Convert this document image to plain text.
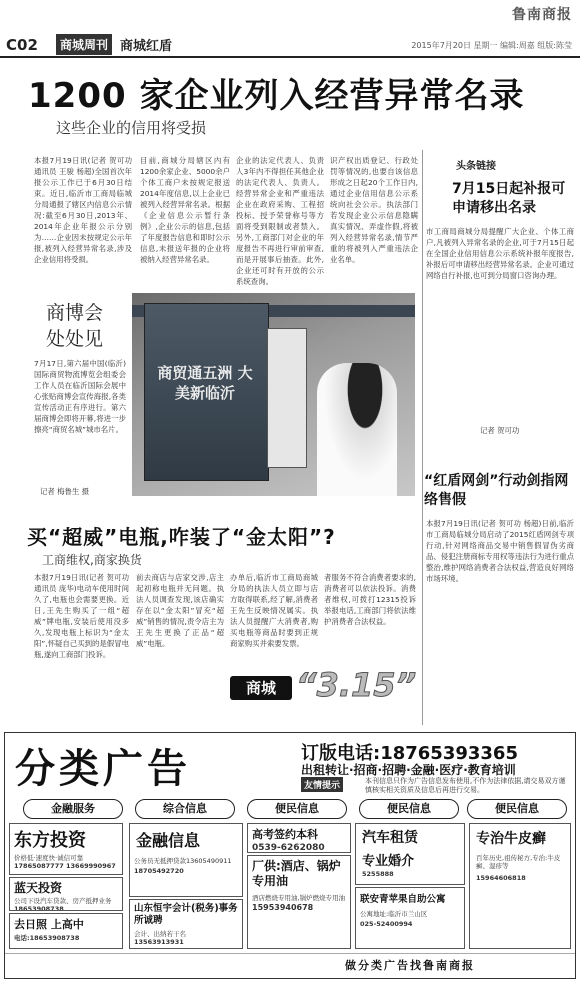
鲁南商报
C02	商城周刊 商城红盾	2015年7月20日 星期一 编辑:周嘉 组版:陈莹
1200 家企业列入经营异常名录
这些企业的信用将受损
本报7月19日讯(记者 贺可功 通讯员 王骏 杨超)全国首次年报公示工作已于6月30日结束。近日,临沂市工商局临城分局通报了辖区内信息公示情况:截至6月30日,2013年、2014年企业年报公示分别为……企业因未按规定公示年报,被列入经营异常名录,涉及企业信用将受损。
目前,商城分局辖区内有1200余家企业、5000余户个体工商户未按规定报送2014年度信息,以上企业已被列入经营异常名录。根据《企业信息公示暂行条例》,企业公示的信息,包括了年度报告信息和即时公示信息,未报送年报的企业将被纳入经营异常名录。
企业的法定代表人、负责人3年内不得担任其他企业的法定代表人、负责人。经营异常企业和严重违法企业在政府采购、工程招投标、授予荣誉称号等方面将受到限制或者禁入。另外,工商部门对企业的年度报告不再进行审前审查,而是开展事后抽查。此外,企业还可时有开放的公示系统查询。
识产权出质登记、行政处罚等情况的,也要自该信息形成之日起20个工作日内,通过企业信用信息公示系统向社会公示。执法部门若发现企业公示信息隐瞒真实情况、弄虚作假,将被列入经营异常名录,情节严重的将被列入严重违法企业名单。
头条链接
7月15日起补报可申请移出名录
市工商局商城分局提醒广大企业、个体工商户,凡被列入异常名录的企业,可于7月15日起在全国企业信用信息公示系统补报年度报告,补报后可申请移出经营异常名录。企业可通过网络自行补报,也可到分局窗口咨询办理。
记者 贺可功
“红盾网剑”行动剑指网络售假
本报7月19日讯(记者 贺可功 杨超)日前,临沂市工商局临城分局启动了2015红盾网剑专项行动,针对网络商品交易中销售假冒伪劣商品、侵犯注册商标专用权等违法行为进行重点整治,维护网络消费者合法权益,营造良好网络市场环境。
商博会处处见
7月17日,第六届中国(临沂)国际商贸物流博览会组委会工作人员在临沂国际会展中心张贴商博会宣传海报,各类宣传活动正有序进行。第六届商博会即将开幕,将进一步擦亮“商贸名城”城市名片。
记者 梅鲁生 摄
商贸通五洲 大美新临沂
买“超威”电瓶,咋装了“金太阳”?
工商维权,商家换货
本报7月19日讯(记者 贺可功 通讯员 庞华)电动车使用时间久了,电瓶也会需要更换。近日,王先生购买了一组“超威”牌电瓶,安装后使用没多久,发现电瓶上标识为“金太阳”,怀疑自己买到的是假冒电瓶,遂向工商部门投诉。
前去商店与店家交涉,店主起初称电瓶并无问题。执法人员调查发现,该店确实存在以“金太阳”冒充“超威”销售的情况,责令店主为王先生更换了正品“超威”电瓶。
办单后,临沂市工商局商城分局的执法人员立即与店方取得联系,经了解,消费者王先生反映情况属实。执法人员提醒广大消费者,购买电瓶等商品时要到正规商家购买并索要发票。
者服务不符合消费者要求的,消费者可以依法投诉。消费者维权,可拨打12315投诉举报电话,工商部门将依法维护消费者合法权益。
商城 “3.15”
分类广告	订版电话:18765393365
出租转让·招商·招聘·金融·医疗·教育培训
友情提示	本刊信息只作为广告信息发布使用,不作为法律依据,请交易双方谨慎核实相关资质及信息后再进行交易。
金融服务	综合信息	便民信息	便民信息	便民信息
东方投资
价格低·速度快·诚信可靠
17865087777 13669990967
蓝天投资
公司下设汽车贷款、房产抵押业务
18653908738
去日照 上高中
电话:18653908738
金融信息
公务员无抵押贷款13605490911
18705492720
山东恒宇会计(税务)事务所诚聘
会计、出纳若干名
13563913931
高考签约本科
0539-6262080
厂供:酒店、锅炉专用油
酒店燃烧专用油,锅炉燃烧专用油
15953940678
汽车租赁
专业婚介
5255888
联安青苹果自助公寓
公寓地址:临沂市兰山区
025-52400994
专治牛皮癣
百年历史,祖传秘方,专治:牛皮癣、湿疹等
15964606818
做分类广告找鲁南商报
